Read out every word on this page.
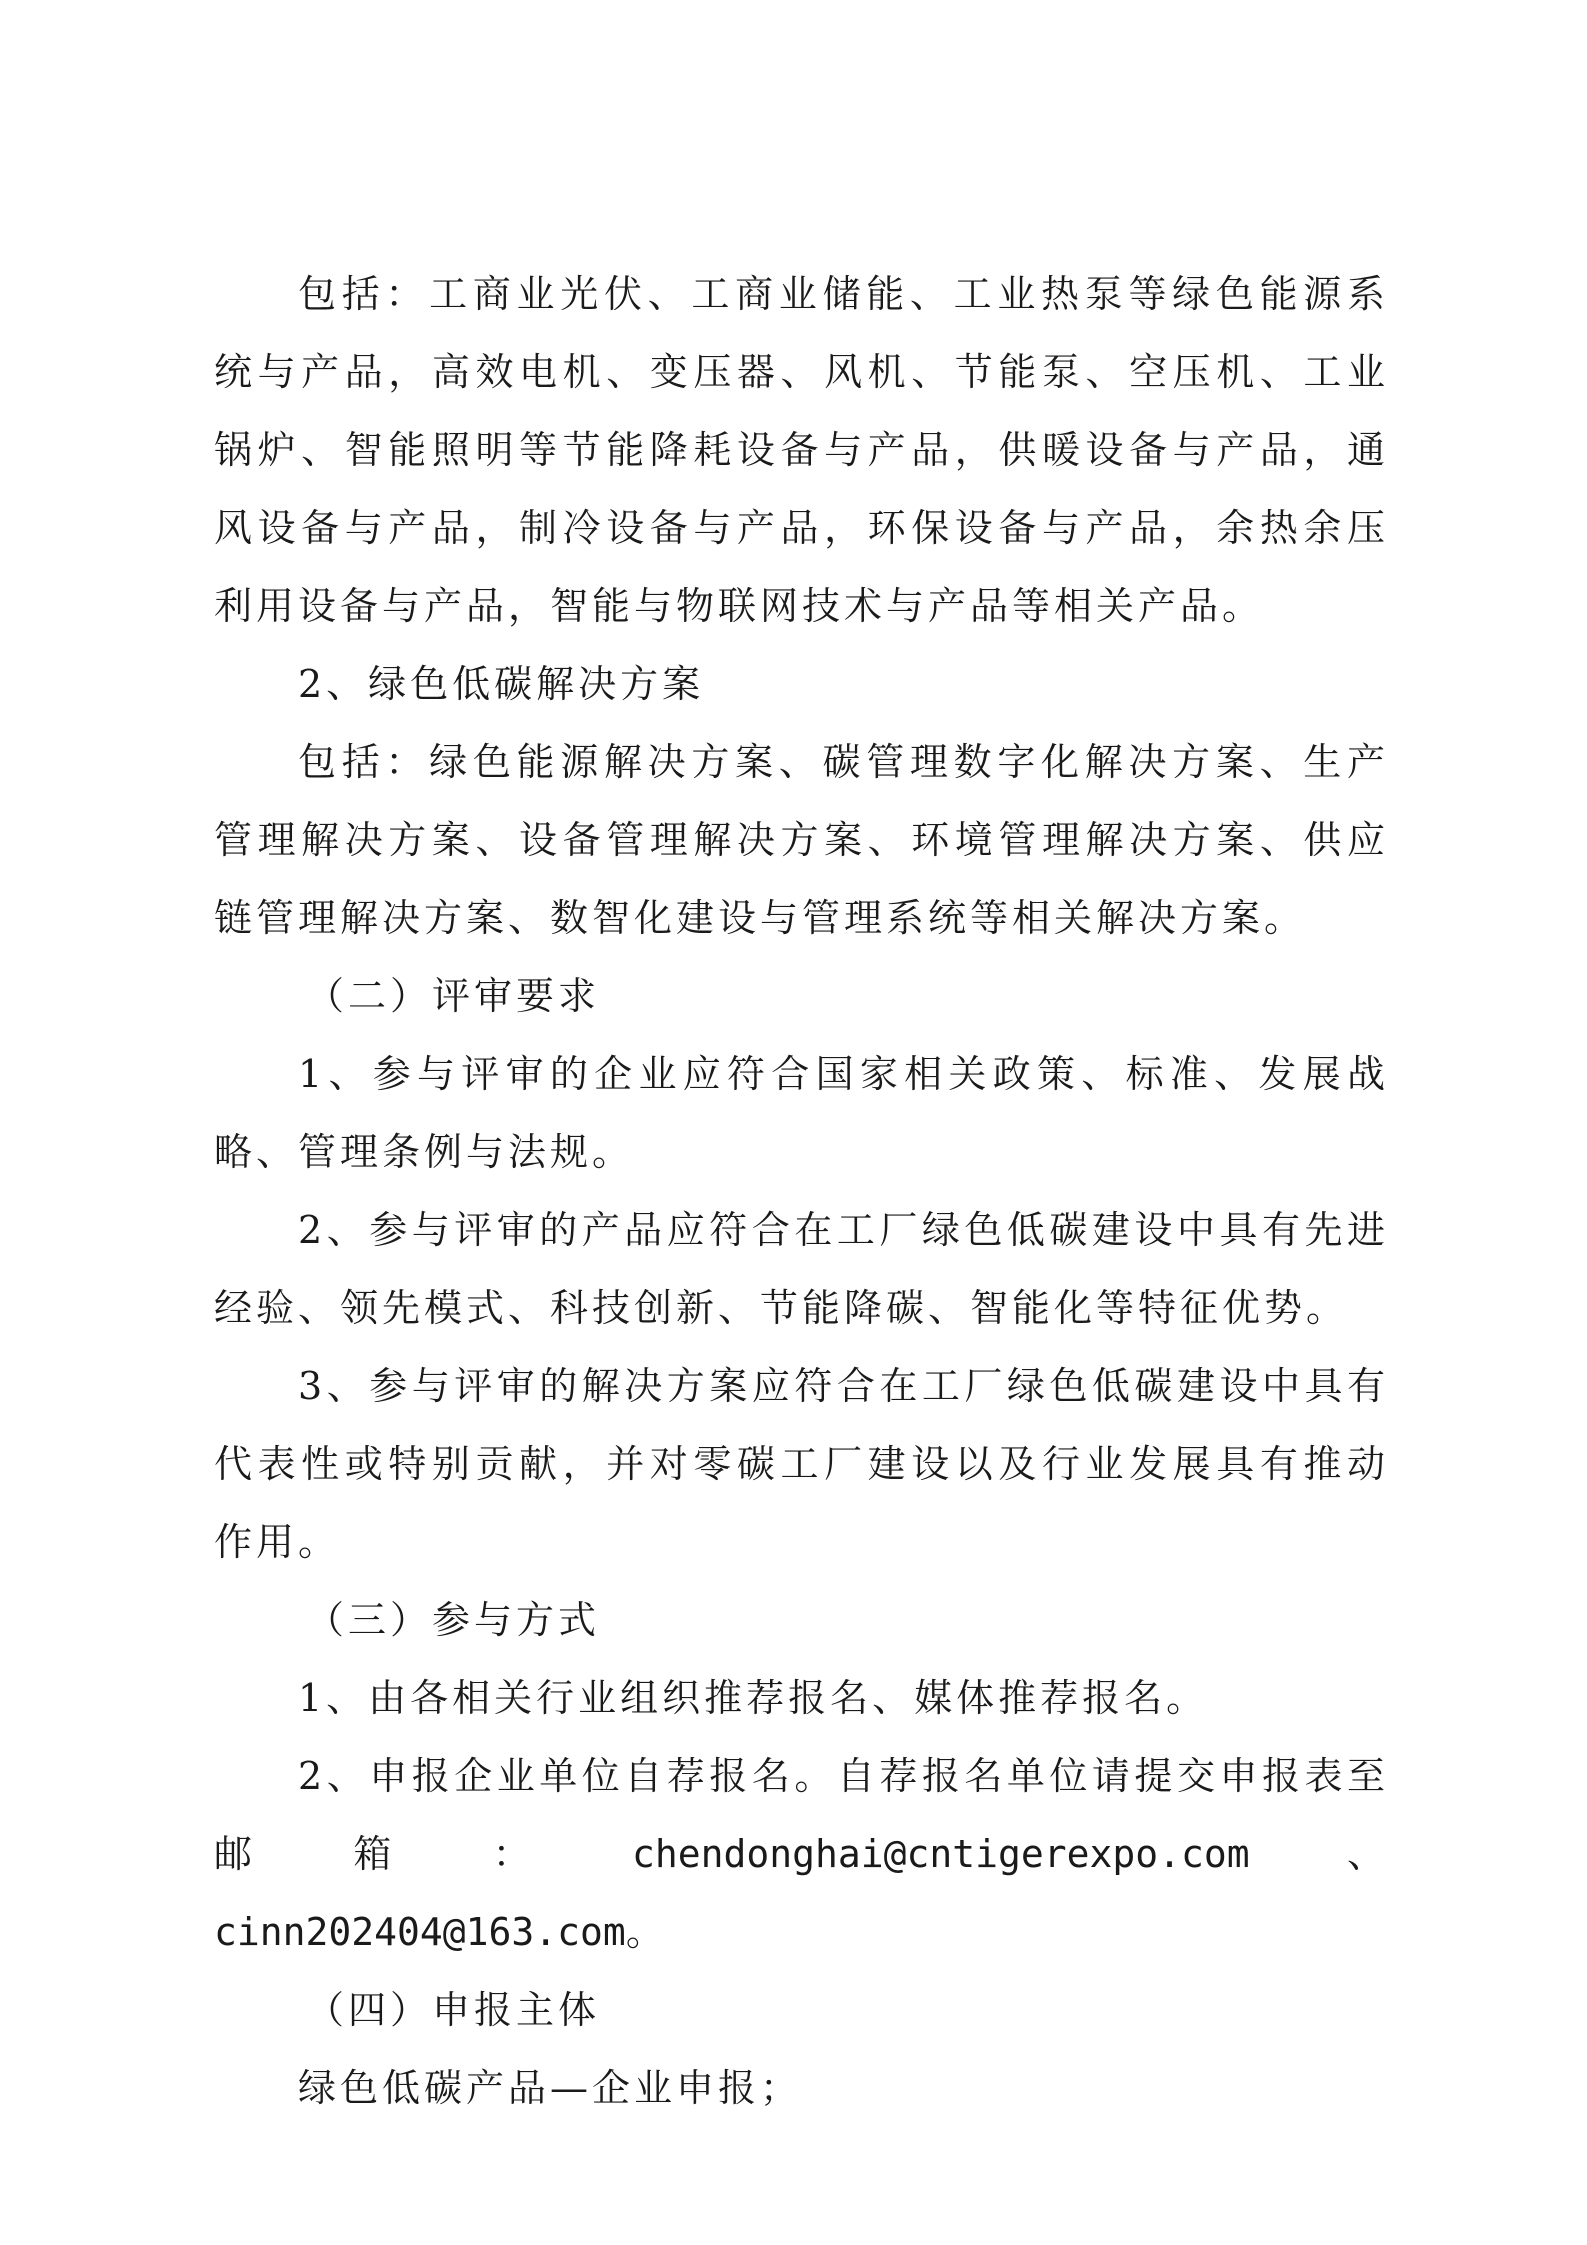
包括：工商业光伏、工商业储能、工业热泵等绿色能源系统与产品，高效电机、变压器、风机、节能泵、空压机、工业锅炉、智能照明等节能降耗设备与产品，供暖设备与产品，通风设备与产品，制冷设备与产品，环保设备与产品，余热余压利用设备与产品，智能与物联网技术与产品等相关产品。

2、绿色低碳解决方案

包括：绿色能源解决方案、碳管理数字化解决方案、生产管理解决方案、设备管理解决方案、环境管理解决方案、供应链管理解决方案、数智化建设与管理系统等相关解决方案。

（二）评审要求

1、参与评审的企业应符合国家相关政策、标准、发展战略、管理条例与法规。

2、参与评审的产品应符合在工厂绿色低碳建设中具有先进经验、领先模式、科技创新、节能降碳、智能化等特征优势。

3、参与评审的解决方案应符合在工厂绿色低碳建设中具有代表性或特别贡献，并对零碳工厂建设以及行业发展具有推动作用。

（三）参与方式

1、由各相关行业组织推荐报名、媒体推荐报名。

2、申报企业单位自荐报名。自荐报名单位请提交申报表至邮箱：chendonghai@cntigerexpo.com、cinn202404@163.com。

（四）申报主体

绿色低碳产品—企业申报；
